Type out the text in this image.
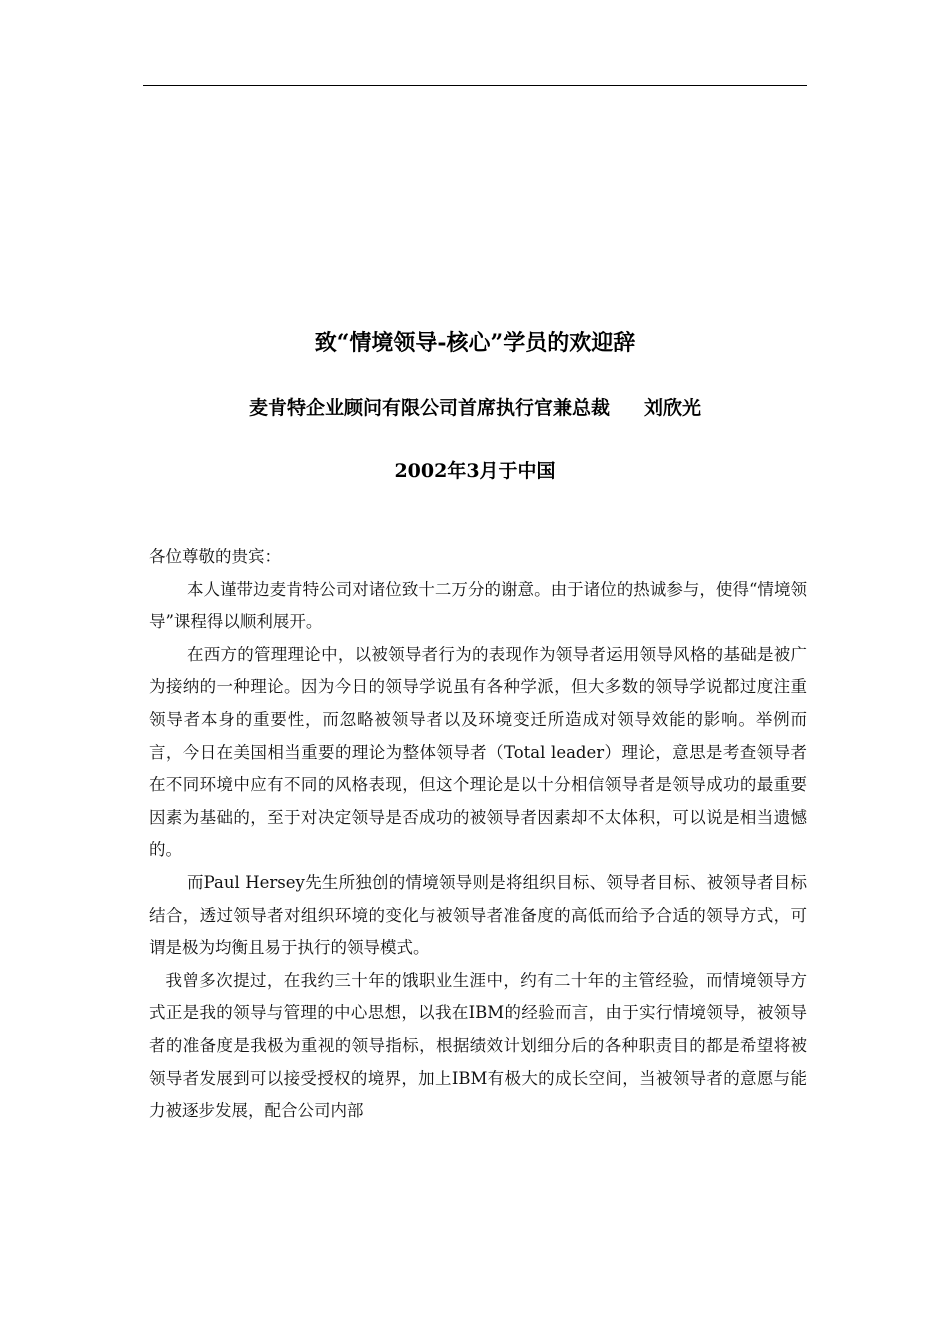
致“情境领导-核心”学员的欢迎辞
麦肯特企业顾问有限公司首席执行官兼总裁 刘欣光
2002年3月于中国

各位尊敬的贵宾：

本人谨带边麦肯特公司对诸位致十二万分的谢意。由于诸位的热诚参与，使得“情境领导”课程得以顺利展开。

在西方的管理理论中，以被领导者行为的表现作为领导者运用领导风格的基础是被广为接纳的一种理论。因为今日的领导学说虽有各种学派，但大多数的领导学说都过度注重领导者本身的重要性，而忽略被领导者以及环境变迁所造成对领导效能的影响。举例而言，今日在美国相当重要的理论为整体领导者（Total leader）理论，意思是考查领导者在不同环境中应有不同的风格表现，但这个理论是以十分相信领导者是领导成功的最重要因素为基础的，至于对决定领导是否成功的被领导者因素却不太体积，可以说是相当遗憾的。

而Paul Hersey先生所独创的情境领导则是将组织目标、领导者目标、被领导者目标结合，透过领导者对组织环境的变化与被领导者准备度的高低而给予合适的领导方式，可谓是极为均衡且易于执行的领导模式。

我曾多次提过，在我约三十年的饿职业生涯中，约有二十年的主管经验，而情境领导方式正是我的领导与管理的中心思想，以我在IBM的经验而言，由于实行情境领导，被领导者的准备度是我极为重视的领导指标，根据绩效计划细分后的各种职责目的都是希望将被领导者发展到可以接受授权的境界，加上IBM有极大的成长空间，当被领导者的意愿与能力被逐步发展，配合公司内部
